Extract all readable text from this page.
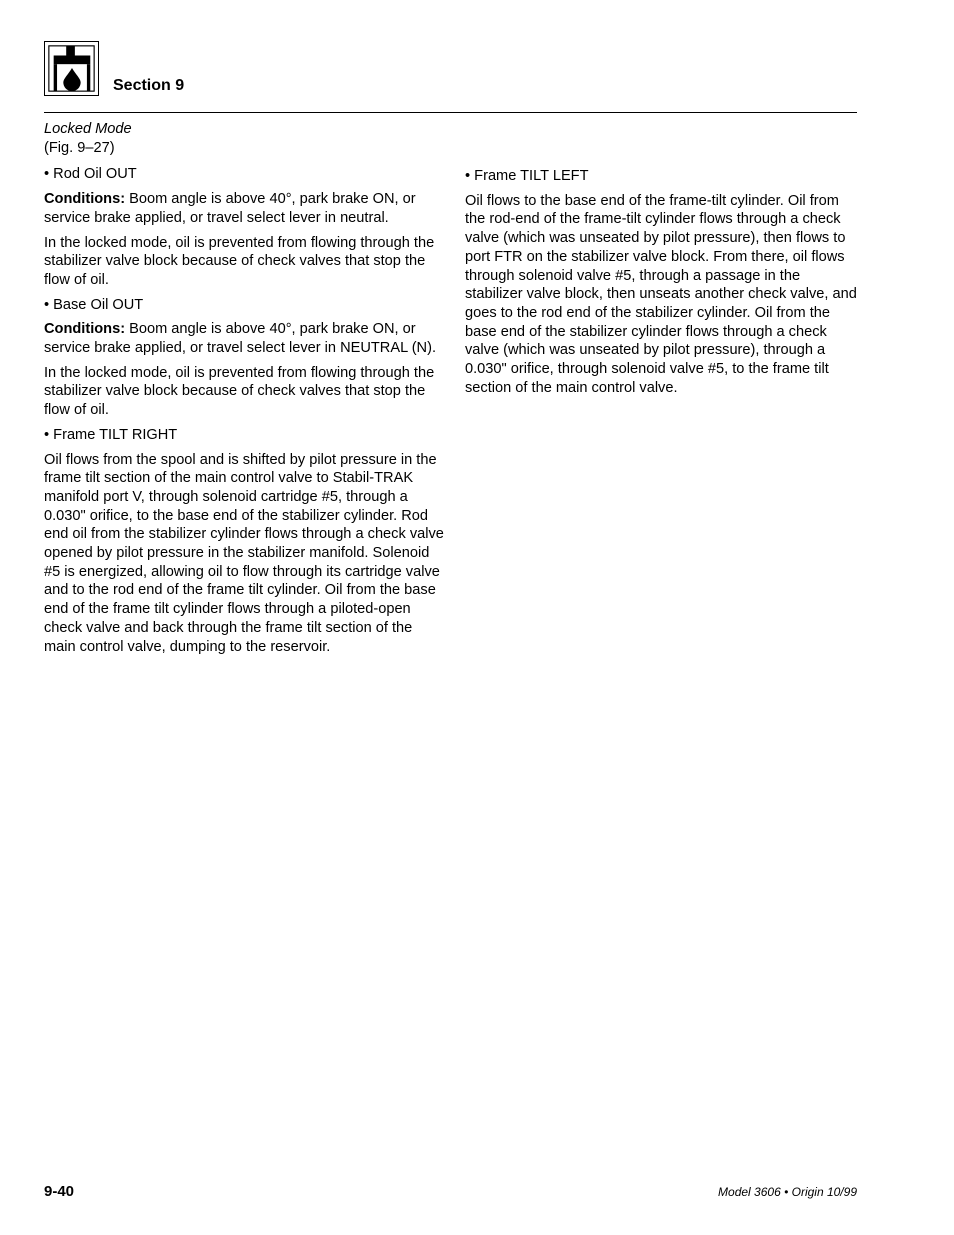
Section 9

Locked Mode

(Fig. 9–27)

• Rod Oil OUT

Conditions: Boom angle is above 40°, park brake ON, or service brake applied, or travel select lever in neutral.

In the locked mode, oil is prevented from flowing through the stabilizer valve block because of check valves that stop the flow of oil.

• Base Oil OUT

Conditions: Boom angle is above 40°, park brake ON, or service brake applied, or travel select lever in NEUTRAL (N).

In the locked mode, oil is prevented from flowing through the stabilizer valve block because of check valves that stop the flow of oil.

• Frame TILT RIGHT

Oil flows from the spool and is shifted by pilot pressure in the frame tilt section of the main control valve to Stabil-TRAK manifold port V, through solenoid cartridge #5, through a 0.030" orifice, to the base end of the stabilizer cylinder. Rod end oil from the stabilizer cylinder flows through a check valve opened by pilot pressure in the stabilizer manifold. Solenoid #5 is energized, allowing oil to flow through its cartridge valve and to the rod end of the frame tilt cylinder. Oil from the base end of the frame tilt cylinder flows through a piloted-open check valve and back through the frame tilt section of the main control valve, dumping to the reservoir.

• Frame TILT LEFT

Oil flows to the base end of the frame-tilt cylinder. Oil from the rod-end of the frame-tilt cylinder flows through a check valve (which was unseated by pilot pressure), then flows to port FTR on the stabilizer valve block. From there, oil flows through solenoid valve #5, through a passage in the stabilizer valve block, then unseats another check valve, and goes to the rod end of the stabilizer cylinder. Oil from the base end of the stabilizer cylinder flows through a check valve (which was unseated by pilot pressure), through a 0.030" orifice, through solenoid valve #5, to the frame tilt section of the main control valve.

9-40	Model 3606 • Origin 10/99
